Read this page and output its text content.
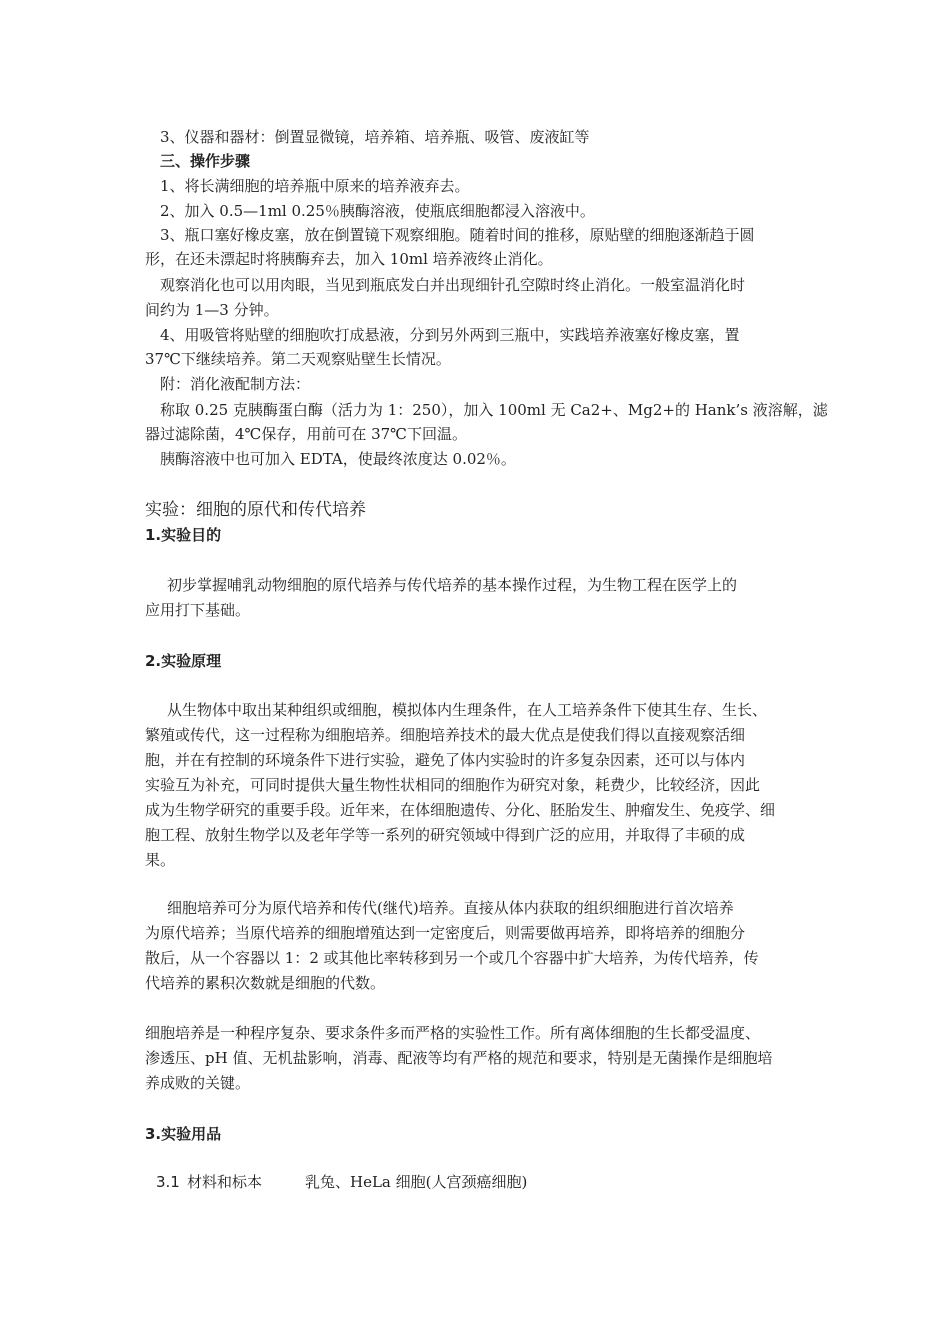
3、仪器和器材：倒置显微镜，培养箱、培养瓶、吸管、废液缸等
三、操作步骤
1、将长满细胞的培养瓶中原来的培养液弃去。
2、加入 0.5—1ml 0.25％胰酶溶液，使瓶底细胞都浸入溶液中。
3、瓶口塞好橡皮塞，放在倒置镜下观察细胞。随着时间的推移，原贴壁的细胞逐渐趋于圆
形，在还未漂起时将胰酶弃去，加入 10ml 培养液终止消化。
观察消化也可以用肉眼，当见到瓶底发白并出现细针孔空隙时终止消化。一般室温消化时
间约为 1—3 分钟。
4、用吸管将贴壁的细胞吹打成悬液，分到另外两到三瓶中，实践培养液塞好橡皮塞，置
37℃下继续培养。第二天观察贴壁生长情况。
附：消化液配制方法：
称取 0.25 克胰酶蛋白酶（活力为 1：250），加入 100ml 无 Ca2+、Mg2+的 Hank’s 液溶解，滤
器过滤除菌，4℃保存，用前可在 37℃下回温。
胰酶溶液中也可加入 EDTA，使最终浓度达 0.02％。
实验：细胞的原代和传代培养
1.实验目的
初步掌握哺乳动物细胞的原代培养与传代培养的基本操作过程，为生物工程在医学上的
应用打下基础。
2.实验原理
从生物体中取出某种组织或细胞，模拟体内生理条件，在人工培养条件下使其生存、生长、
繁殖或传代，这一过程称为细胞培养。细胞培养技术的最大优点是使我们得以直接观察活细
胞，并在有控制的环境条件下进行实验，避免了体内实验时的许多复杂因素，还可以与体内
实验互为补充，可同时提供大量生物性状相同的细胞作为研究对象，耗费少，比较经济，因此
成为生物学研究的重要手段。近年来，在体细胞遗传、分化、胚胎发生、肿瘤发生、免疫学、细
胞工程、放射生物学以及老年学等一系列的研究领域中得到广泛的应用，并取得了丰硕的成
果。
细胞培养可分为原代培养和传代(继代)培养。直接从体内获取的组织细胞进行首次培养
为原代培养；当原代培养的细胞增殖达到一定密度后，则需要做再培养，即将培养的细胞分
散后，从一个容器以 1：2 或其他比率转移到另一个或几个容器中扩大培养，为传代培养，传
代培养的累积次数就是细胞的代数。
细胞培养是一种程序复杂、要求条件多而严格的实验性工作。所有离体细胞的生长都受温度、
渗透压、pH 值、无机盐影响，消毒、配液等均有严格的规范和要求，特别是无菌操作是细胞培
养成败的关键。
3.实验用品
3.1 材料和标本	乳兔、HeLa 细胞(人宫颈癌细胞)
